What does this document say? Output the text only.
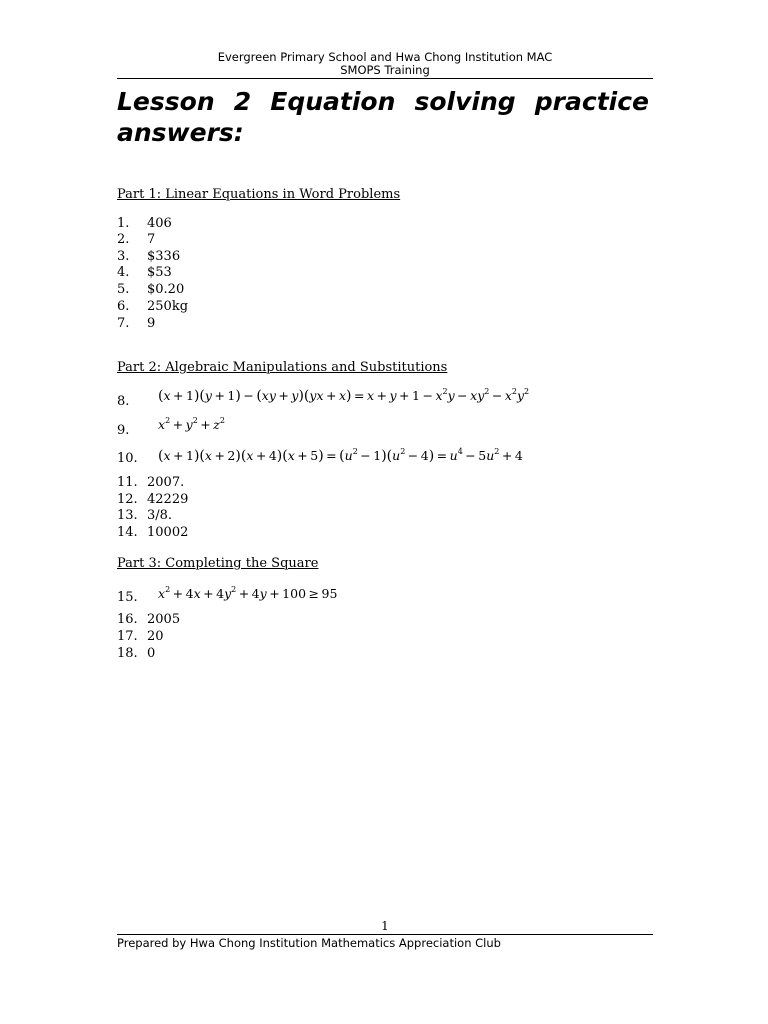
Evergreen Primary School and Hwa Chong Institution MAC
SMOPS Training
Lesson 2 Equation solving practice answers:
Part 1: Linear Equations in Word Problems
1. 406
2. 7
3. $336
4. $53
5. $0.20
6. 250kg
7. 9
Part 2: Algebraic Manipulations and Substitutions
8.	$(x + 1)(y + 1) - (xy + y)(yx + x) = x + y + 1 - x^2y - xy^2 - x^2y^2$
9.	$x^2 + y^2 + z^2$
10.	$(x + 1)(x + 2)(x + 4)(x + 5) = (u^2 - 1)(u^2 - 4) = u^4 - 5u^2 + 4$
11. 2007.
12. 42229
13. 3/8.
14. 10002
Part 3: Completing the Square
15.	$x^2 + 4x + 4y^2 + 4y + 100 \ge 95$
16. 2005
17. 20
18. 0
1
Prepared by Hwa Chong Institution Mathematics Appreciation Club
